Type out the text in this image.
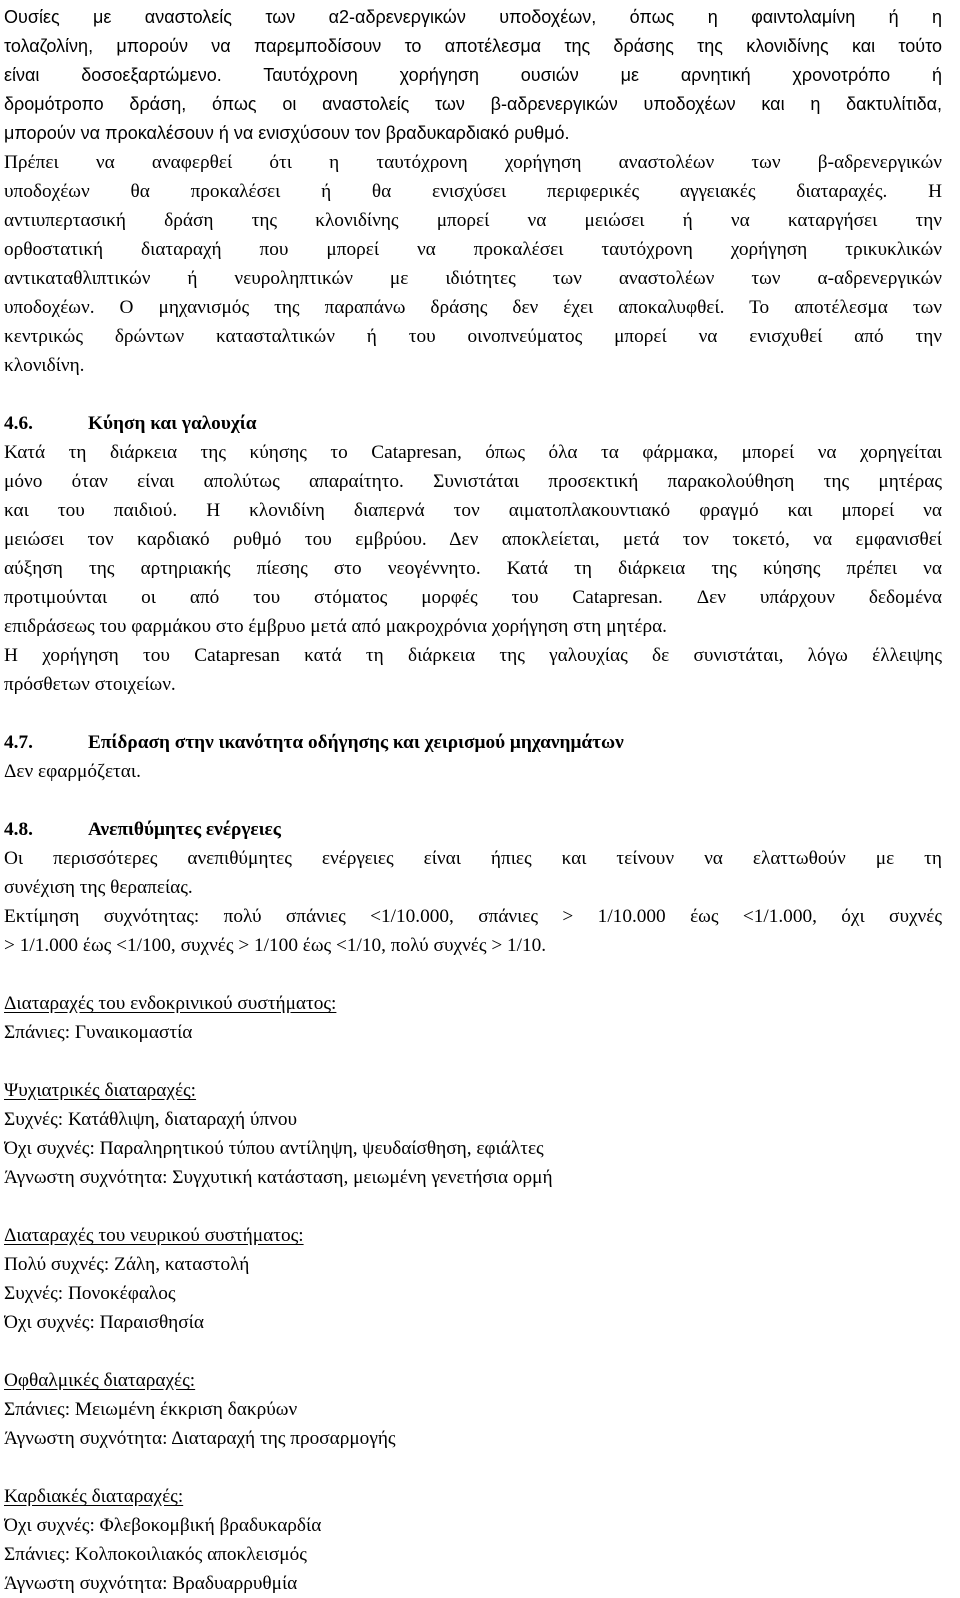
Ουσίες με αναστολείς των α2-αδρενεργικών υποδοχέων, όπως η φαιντολαμίνη ή η
τολαζολίνη, μπορούν να παρεμποδίσουν το αποτέλεσμα της δράσης της κλονιδίνης και τούτο
είναι δοσοεξαρτώμενο. Ταυτόχρονη χορήγηση ουσιών με αρνητική χρονοτρόπο ή
δρομότροπο δράση, όπως οι αναστολείς των β-αδρενεργικών υποδοχέων και η δακτυλίτιδα,
μπορούν να προκαλέσουν ή να ενισχύσουν τον βραδυκαρδιακό ρυθμό.
Πρέπει να αναφερθεί ότι η ταυτόχρονη χορήγηση αναστολέων των β-αδρενεργικών
υποδοχέων θα προκαλέσει ή θα ενισχύσει περιφερικές αγγειακές διαταραχές. Η
αντιυπερτασική δράση της κλονιδίνης μπορεί να μειώσει ή να καταργήσει την
ορθοστατική διαταραχή που μπορεί να προκαλέσει ταυτόχρονη χορήγηση τρικυκλικών
αντικαταθλιπτικών ή νευροληπτικών με ιδιότητες των αναστολέων των α-αδρενεργικών
υποδοχέων. Ο μηχανισμός της παραπάνω δράσης δεν έχει αποκαλυφθεί. Το αποτέλεσμα των
κεντρικώς δρώντων κατασταλτικών ή του οινοπνεύματος μπορεί να ενισχυθεί από την
κλονιδίνη.
4.6.	Κύηση και γαλουχία
Κατά τη διάρκεια της κύησης το Catapresan, όπως όλα τα φάρμακα, μπορεί να χορηγείται
μόνο όταν είναι απολύτως απαραίτητο. Συνιστάται προσεκτική παρακολούθηση της μητέρας
και του παιδιού. Η κλονιδίνη διαπερνά τον αιματοπλακουντιακό φραγμό και μπορεί να
μειώσει τον καρδιακό ρυθμό του εμβρύου. Δεν αποκλείεται, μετά τον τοκετό, να εμφανισθεί
αύξηση της αρτηριακής πίεσης στο νεογέννητο. Κατά τη διάρκεια της κύησης πρέπει να
προτιμούνται οι από του στόματος μορφές του Catapresan. Δεν υπάρχουν δεδομένα
επιδράσεως του φαρμάκου στο έμβρυο μετά από μακροχρόνια χορήγηση στη μητέρα.
Η χορήγηση του Catapresan κατά τη διάρκεια της γαλουχίας δε συνιστάται, λόγω έλλειψης
πρόσθετων στοιχείων.
4.7.	Επίδραση στην ικανότητα οδήγησης και χειρισμού μηχανημάτων
Δεν εφαρμόζεται.
4.8.	Ανεπιθύμητες ενέργειες
Οι περισσότερες ανεπιθύμητες ενέργειες είναι ήπιες και τείνουν να ελαττωθούν με τη
συνέχιση της θεραπείας.
Εκτίμηση συχνότητας: πολύ σπάνιες <1/10.000, σπάνιες > 1/10.000 έως <1/1.000, όχι συχνές
> 1/1.000 έως <1/100, συχνές > 1/100 έως <1/10, πολύ συχνές > 1/10.
Διαταραχές του ενδοκρινικού συστήματος:
Σπάνιες: Γυναικομαστία
Ψυχιατρικές διαταραχές:
Συχνές: Κατάθλιψη, διαταραχή ύπνου
Όχι συχνές: Παραληρητικού τύπου αντίληψη, ψευδαίσθηση, εφιάλτες
Άγνωστη συχνότητα: Συγχυτική κατάσταση, μειωμένη γενετήσια ορμή
Διαταραχές του νευρικού συστήματος:
Πολύ συχνές: Ζάλη, καταστολή
Συχνές: Πονοκέφαλος
Όχι συχνές: Παραισθησία
Οφθαλμικές διαταραχές:
Σπάνιες: Μειωμένη έκκριση δακρύων
Άγνωστη συχνότητα: Διαταραχή της προσαρμογής
Καρδιακές διαταραχές:
Όχι συχνές: Φλεβοκομβική βραδυκαρδία
Σπάνιες: Κολποκοιλιακός αποκλεισμός
Άγνωστη συχνότητα: Βραδυαρρυθμία
